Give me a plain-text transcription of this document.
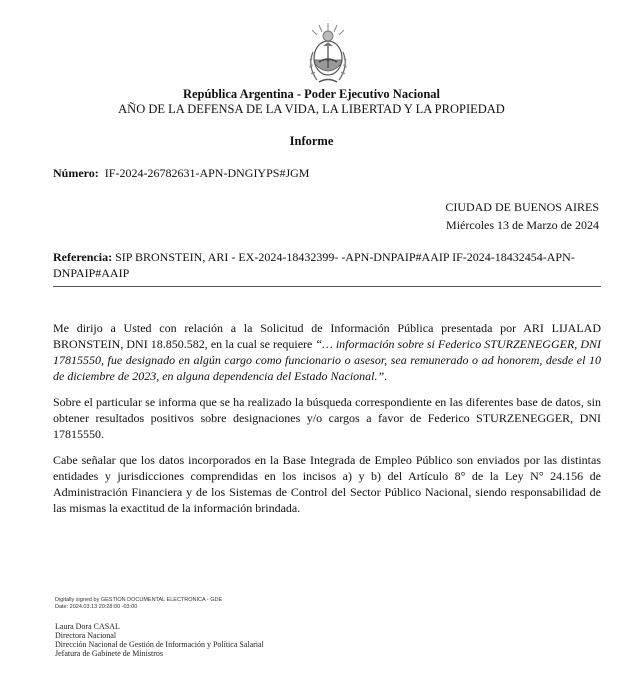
República Argentina - Poder Ejecutivo Nacional
AÑO DE LA DEFENSA DE LA VIDA, LA LIBERTAD Y LA PROPIEDAD
Informe
Número: IF-2024-26782631-APN-DNGIYPS#JGM
CIUDAD DE BUENOS AIRES
Miércoles 13 de Marzo de 2024
Referencia: SIP BRONSTEIN, ARI - EX-2024-18432399- -APN-DNPAIP#AAIP IF-2024-18432454-APN-DNPAIP#AAIP
Me dirijo a Usted con relación a la Solicitud de Información Pública presentada por ARI LIJALAD BRONSTEIN, DNI 18.850.582, en la cual se requiere “… información sobre si Federico STURZENEGGER, DNI 17815550, fue designado en algún cargo como funcionario o asesor, sea remunerado o ad honorem, desde el 10 de diciembre de 2023, en alguna dependencia del Estado Nacional.”.
Sobre el particular se informa que se ha realizado la búsqueda correspondiente en las diferentes base de datos, sin obtener resultados positivos sobre designaciones y/o cargos a favor de Federico STURZENEGGER, DNI 17815550.
Cabe señalar que los datos incorporados en la Base Integrada de Empleo Público son enviados por las distintas entidades y jurisdicciones comprendidas en los incisos a) y b) del Artículo 8° de la Ley N° 24.156 de Administración Financiera y de los Sistemas de Control del Sector Público Nacional, siendo responsabilidad de las mismas la exactitud de la información brindada.
Digitally signed by GESTION DOCUMENTAL ELECTRONICA - GDE
Date: 2024.03.13 20:28:00 -03:00
Laura Dora CASAL
Directora Nacional
Dirección Nacional de Gestión de Información y Política Salarial
Jefatura de Gabinete de Ministros
